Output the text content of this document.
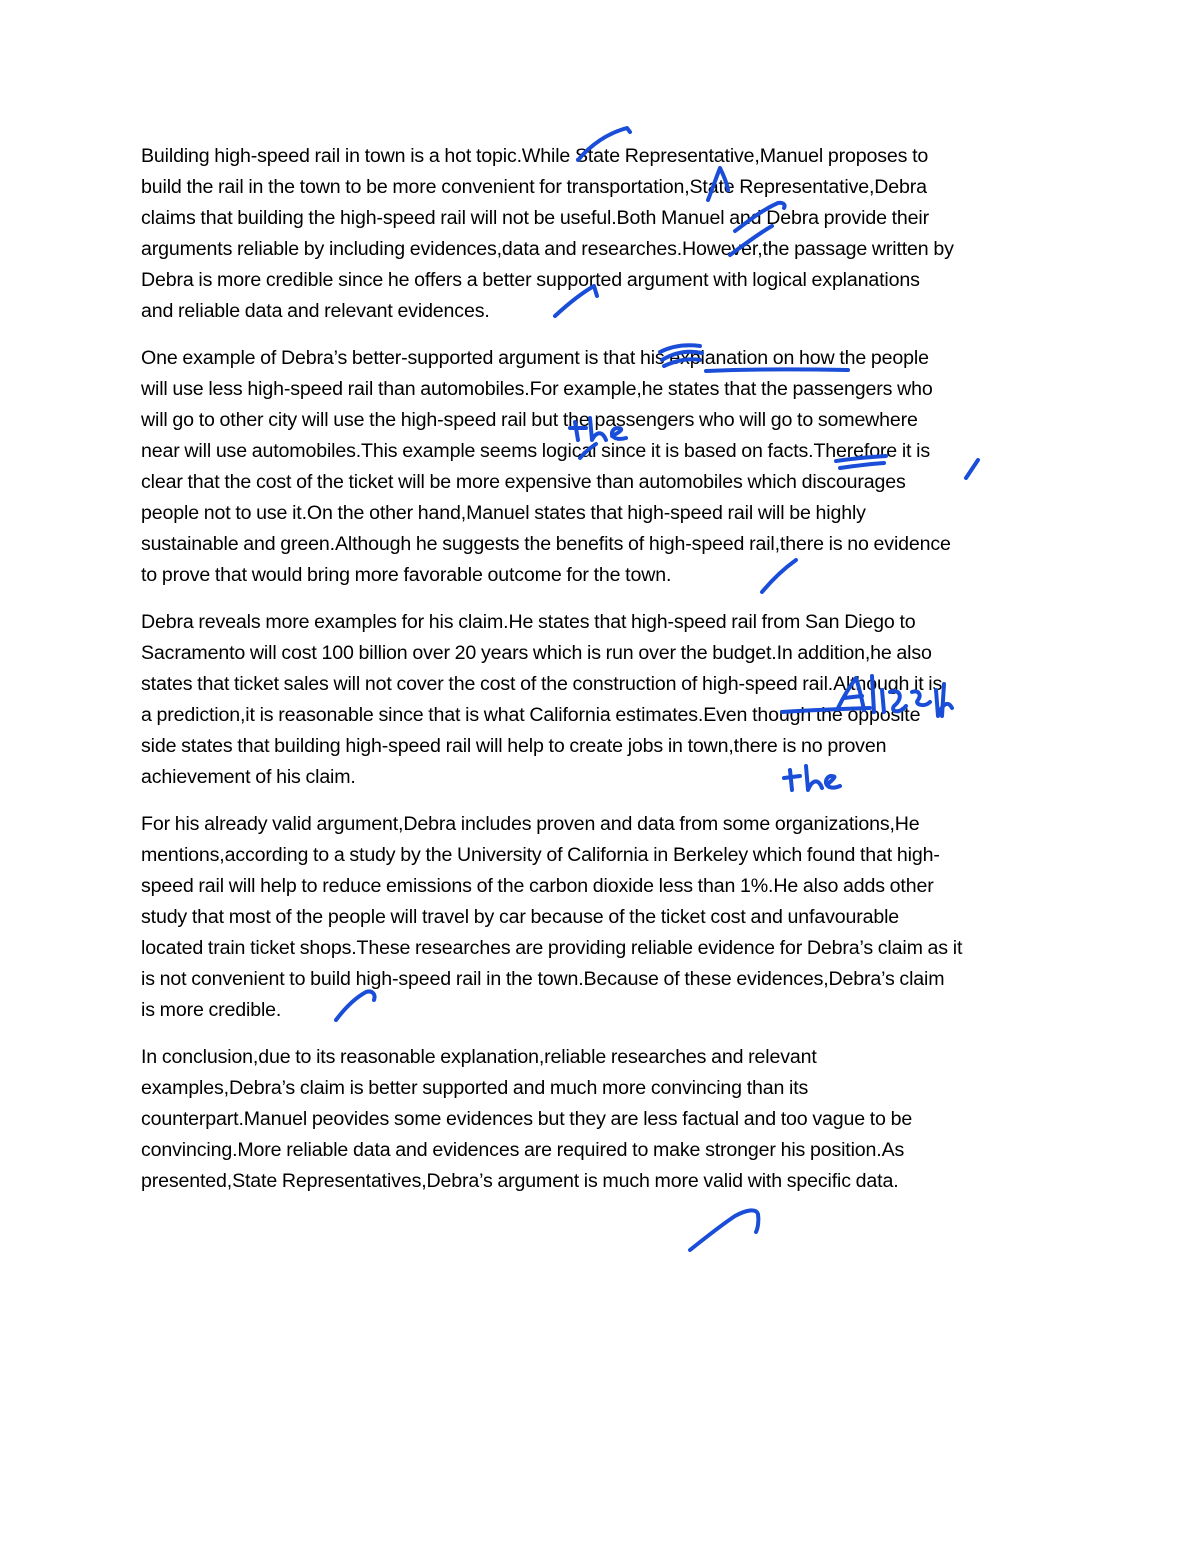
Building high-speed rail in town is a hot topic.While State Representative,Manuel proposes to
build the rail in the town to be more convenient for transportation,State Representative,Debra
claims that building the high-speed rail will not be useful.Both Manuel and Debra provide their
arguments reliable by including evidences,data and researches.However,the passage written by
Debra is more credible since he offers a better supported argument with logical explanations
and reliable data and relevant evidences.

One example of Debra’s better-supported argument is that his explanation on how the people
will use less high-speed rail than automobiles.For example,he states that the passengers who
will go to other city will use the high-speed rail but the passengers who will go to somewhere
near will use automobiles.This example seems logical since it is based on facts.Therefore it is
clear that the cost of the ticket will be more expensive than automobiles which discourages
people not to use it.On the other hand,Manuel states that high-speed rail will be highly
sustainable and green.Although he suggests the benefits of high-speed rail,there is no evidence
to prove that would bring more favorable outcome for the town.

Debra reveals more examples for his claim.He states that high-speed rail from San Diego to
Sacramento will cost 100 billion over 20 years which is run over the budget.In addition,he also
states that ticket sales will not cover the cost of the construction of high-speed rail.Although it is
a prediction,it is reasonable since that is what California estimates.Even though the opposite
side states that building high-speed rail will help to create jobs in town,there is no proven
achievement of his claim.

For his already valid argument,Debra includes proven and data from some organizations,He
mentions,according to a study by the University of California in Berkeley which found that high-
speed rail will help to reduce emissions of the carbon dioxide less than 1%.He also adds other
study that most of the people will travel by car because of the ticket cost and unfavourable
located train ticket shops.These researches are providing reliable evidence for Debra’s claim as it
is not convenient to build high-speed rail in the town.Because of these evidences,Debra’s claim
is more credible.

In conclusion,due to its reasonable explanation,reliable researches and relevant
examples,Debra’s claim is better supported and much more convincing than its
counterpart.Manuel peovides some evidences but they are less factual and too vague to be
convincing.More reliable data and evidences are required to make stronger his position.As
presented,State Representatives,Debra’s argument is much more valid with specific data.
